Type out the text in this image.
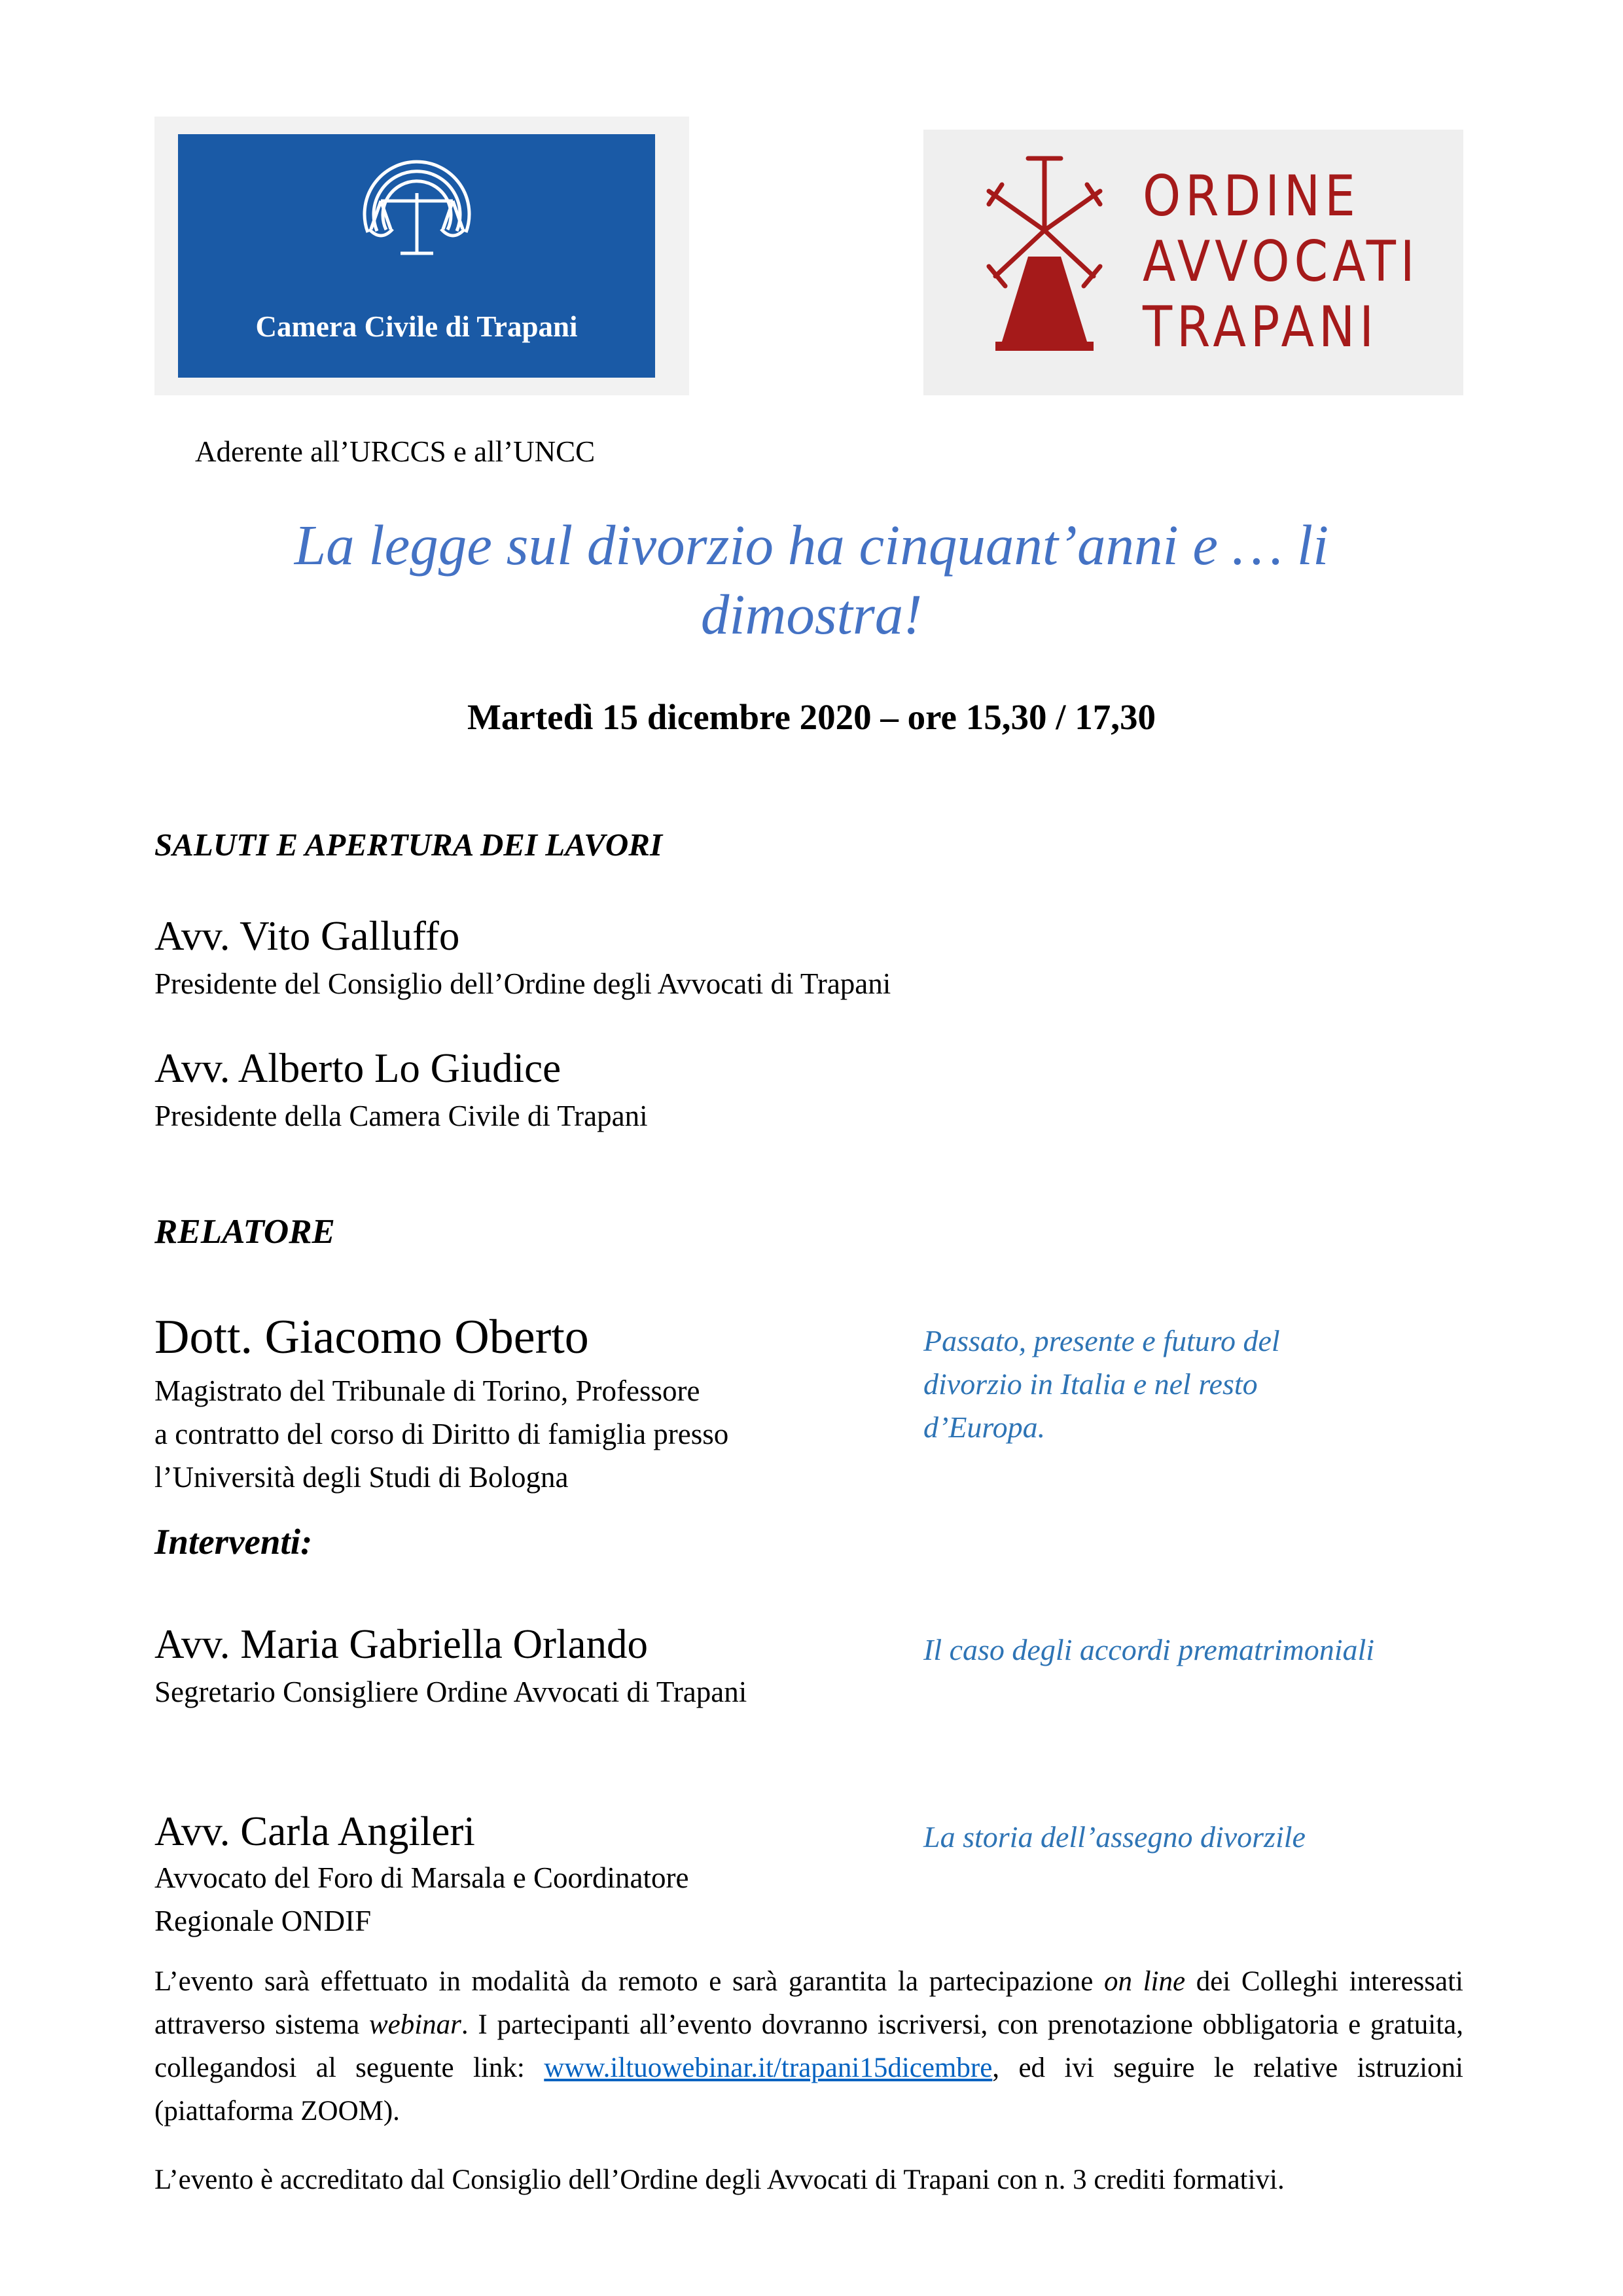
Camera Civile di Trapani
ORDINE
AVVOCATI
TRAPANI
Aderente all’URCCS e all’UNCC
La legge sul divorzio ha cinquant’anni e … li
dimostra!
Martedì 15 dicembre 2020 – ore 15,30 / 17,30
SALUTI E APERTURA DEI LAVORI
Avv. Vito Galluffo
Presidente del Consiglio dell’Ordine degli Avvocati di Trapani
Avv. Alberto Lo Giudice
Presidente della Camera Civile di Trapani
RELATORE
Dott. Giacomo Oberto
Magistrato del Tribunale di Torino, Professore
a contratto del corso di Diritto di famiglia presso
l’Università degli Studi di Bologna
Passato, presente e futuro del
divorzio in Italia e nel resto
d’Europa.
Interventi:
Avv. Maria Gabriella Orlando
Segretario Consigliere Ordine Avvocati di Trapani
Il caso degli accordi prematrimoniali
Avv. Carla Angileri
Avvocato del Foro di Marsala e Coordinatore
Regionale ONDIF
La storia dell’assegno divorzile
L’evento sarà effettuato in modalità da remoto e sarà garantita la partecipazione on line dei Colleghi interessati attraverso sistema webinar. I partecipanti all’evento dovranno iscriversi, con prenotazione obbligatoria e gratuita, collegandosi al seguente link: www.iltuowebinar.it/trapani15dicembre, ed ivi seguire le relative istruzioni (piattaforma ZOOM).
L’evento è accreditato dal Consiglio dell’Ordine degli Avvocati di Trapani con n. 3 crediti formativi.
